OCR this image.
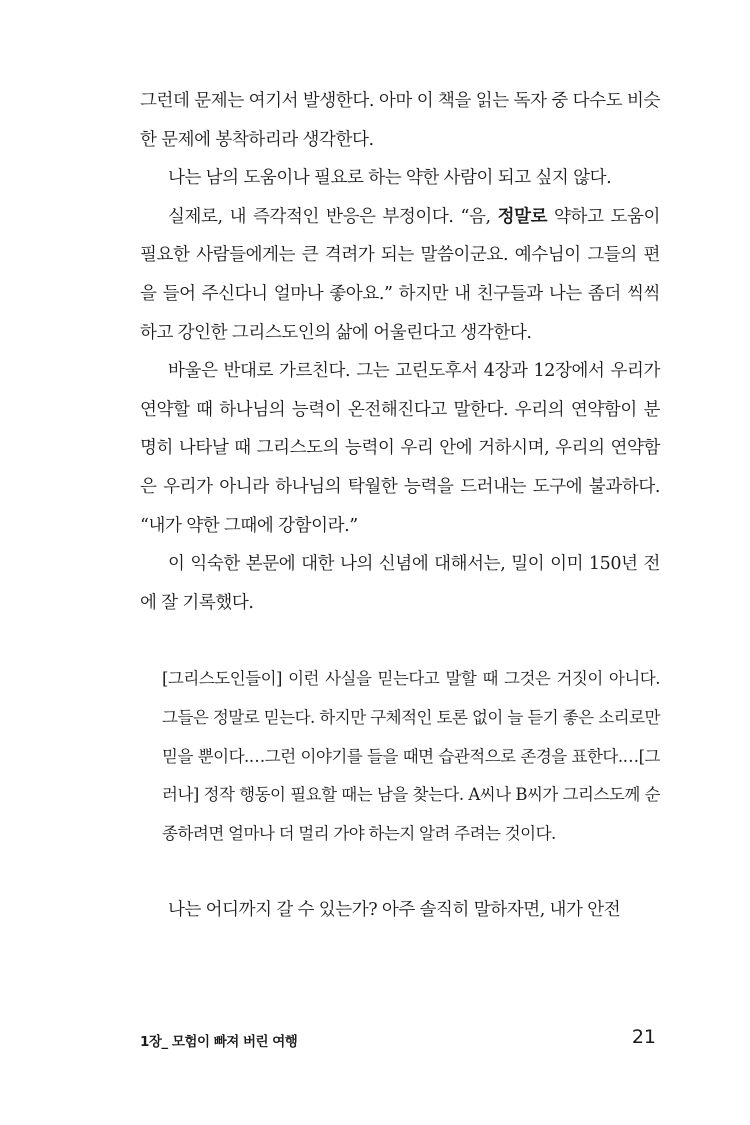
그런데 문제는 여기서 발생한다. 아마 이 책을 읽는 독자 중 다수도 비슷한 문제에 봉착하리라 생각한다.

나는 남의 도움이나 필요로 하는 약한 사람이 되고 싶지 않다.

실제로, 내 즉각적인 반응은 부정이다. “음, 정말로 약하고 도움이 필요한 사람들에게는 큰 격려가 되는 말씀이군요. 예수님이 그들의 편을 들어 주신다니 얼마나 좋아요.” 하지만 내 친구들과 나는 좀더 씩씩하고 강인한 그리스도인의 삶에 어울린다고 생각한다.

바울은 반대로 가르친다. 그는 고린도후서 4장과 12장에서 우리가 연약할 때 하나님의 능력이 온전해진다고 말한다. 우리의 연약함이 분명히 나타날 때 그리스도의 능력이 우리 안에 거하시며, 우리의 연약함은 우리가 아니라 하나님의 탁월한 능력을 드러내는 도구에 불과하다. “내가 약한 그때에 강함이라.”

이 익숙한 본문에 대한 나의 신념에 대해서는, 밀이 이미 150년 전에 잘 기록했다.

[그리스도인들이] 이런 사실을 믿는다고 말할 때 그것은 거짓이 아니다. 그들은 정말로 믿는다. 하지만 구체적인 토론 없이 늘 듣기 좋은 소리로만 믿을 뿐이다.…그런 이야기를 들을 때면 습관적으로 존경을 표한다.…[그러나] 정작 행동이 필요할 때는 남을 찾는다. A씨나 B씨가 그리스도께 순종하려면 얼마나 더 멀리 가야 하는지 알려 주려는 것이다.

나는 어디까지 갈 수 있는가? 아주 솔직히 말하자면, 내가 안전

1장_ 모험이 빠져 버린 여행	21
